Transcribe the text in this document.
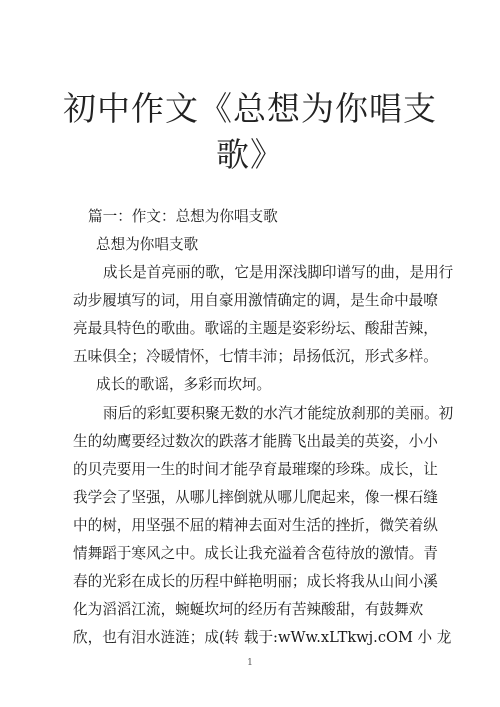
初中作文《总想为你唱支
歌》
篇一：作文：总想为你唱支歌
总想为你唱支歌
成长是首亮丽的歌，它是用深浅脚印谱写的曲，是用行
动步履填写的词，用自豪用激情确定的调，是生命中最嘹
亮最具特色的歌曲。歌谣的主题是姿彩纷坛、酸甜苦辣，
五味俱全；冷暖情怀，七情丰沛；昂扬低沉，形式多样。
成长的歌谣，多彩而坎坷。
雨后的彩虹要积聚无数的水汽才能绽放刹那的美丽。初
生的幼鹰要经过数次的跌落才能腾飞出最美的英姿，小小
的贝壳要用一生的时间才能孕育最璀璨的珍珠。成长，让
我学会了坚强，从哪儿摔倒就从哪儿爬起来，像一棵石缝
中的树，用坚强不屈的精神去面对生活的挫折，微笑着纵
情舞蹈于寒风之中。成长让我充溢着含苞待放的激情。青
春的光彩在成长的历程中鲜艳明丽；成长将我从山间小溪
化为滔滔江流，蜿蜒坎坷的经历有苦辣酸甜，有鼓舞欢
欣，也有泪水涟涟；成(转 载于:wWw.xLTkwj.cOM 小 龙
1
